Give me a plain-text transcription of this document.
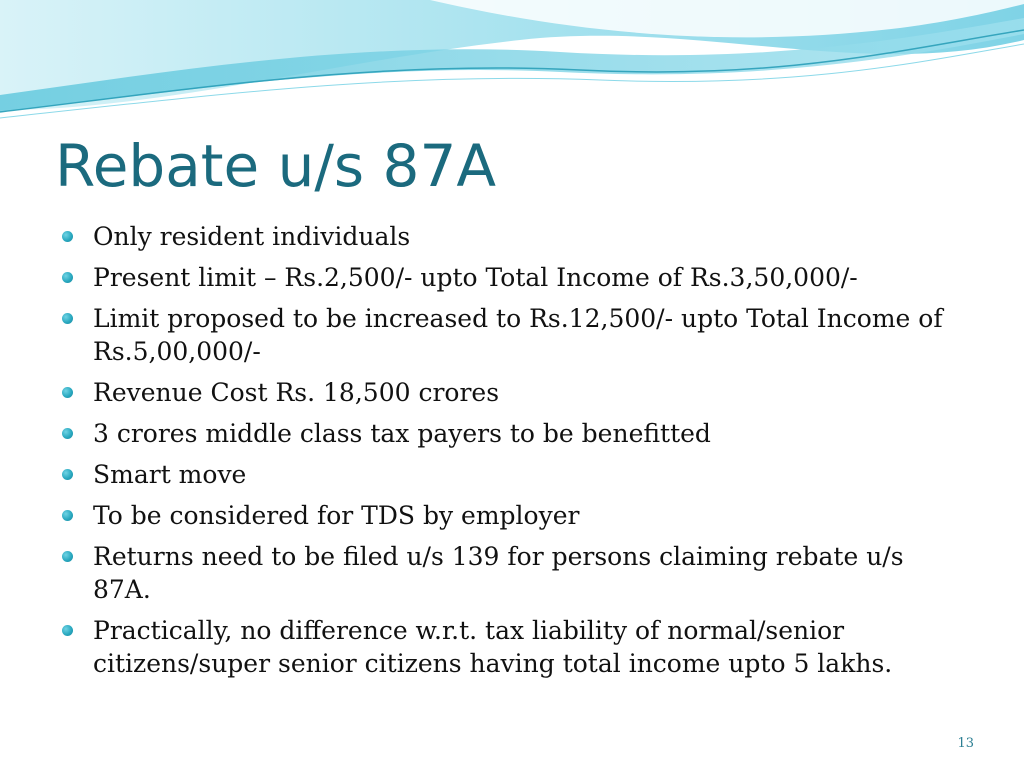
Rebate u/s 87A
Only resident individuals
Present limit – Rs.2,500/- upto Total Income of Rs.3,50,000/-
Limit proposed to be increased to Rs.12,500/- upto Total Income of Rs.5,00,000/-
Revenue Cost Rs. 18,500 crores
3 crores middle class tax payers to be benefitted
Smart move
To be considered for TDS by employer
Returns need to be filed u/s 139 for persons claiming rebate u/s 87A.
Practically, no difference w.r.t. tax liability of normal/senior citizens/super senior citizens having total income upto 5 lakhs.
13
